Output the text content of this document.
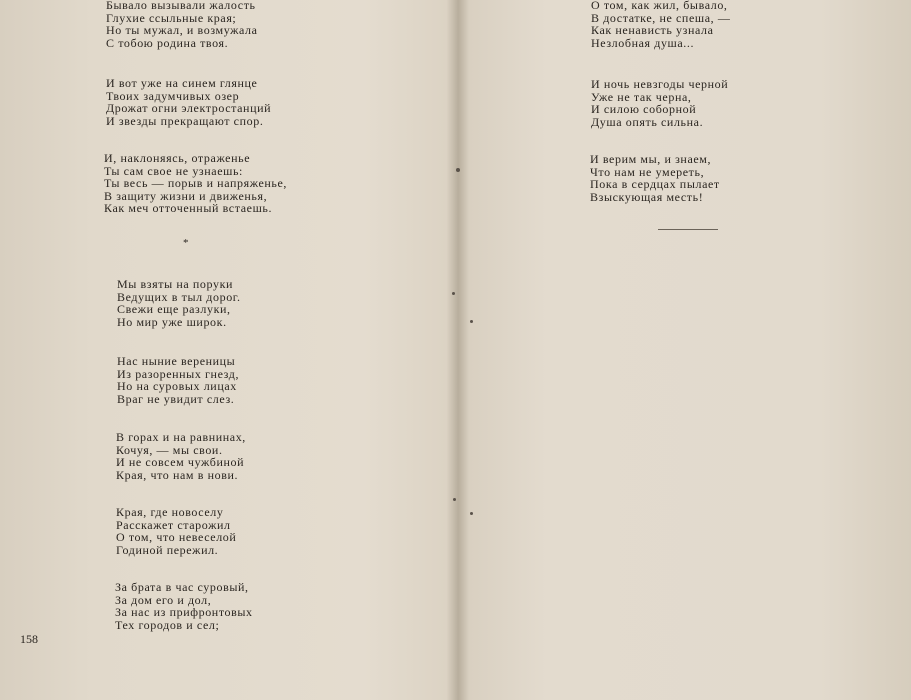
Бывало вызывали жалость
Глухие ссыльные края;
Но ты мужал, и возмужала
С тобою родина твоя.
И вот уже на синем глянце
Твоих задумчивых озер
Дрожат огни электростанций
И звезды прекращают спор.
И, наклоняясь, отраженье
Ты сам свое не узнаешь:
Ты весь — порыв и напряженье,
В защиту жизни и движенья,
Как меч отточенный встаешь.
*
Мы взяты на поруки
Ведущих в тыл дорог.
Свежи еще разлуки,
Но мир уже широк.
Нас ныние вереницы
Из разоренных гнезд,
Но на суровых лицах
Враг не увидит слез.
В горах и на равнинах,
Кочуя, — мы свои.
И не совсем чужбиной
Края, что нам в нови.
Края, где новоселу
Расскажет старожил
О том, что невеселой
Годиной пережил.
За брата в час суровый,
За дом его и дол,
За нас из прифронтовых
Тех городов и сел;
158
О том, как жил, бывало,
В достатке, не спеша, —
Как ненависть узнала
Незлобная душа...
И ночь невзгоды черной
Уже не так черна,
И силою соборной
Душа опять сильна.
И верим мы, и знаем,
Что нам не умереть,
Пока в сердцах пылает
Взыскующая месть!
